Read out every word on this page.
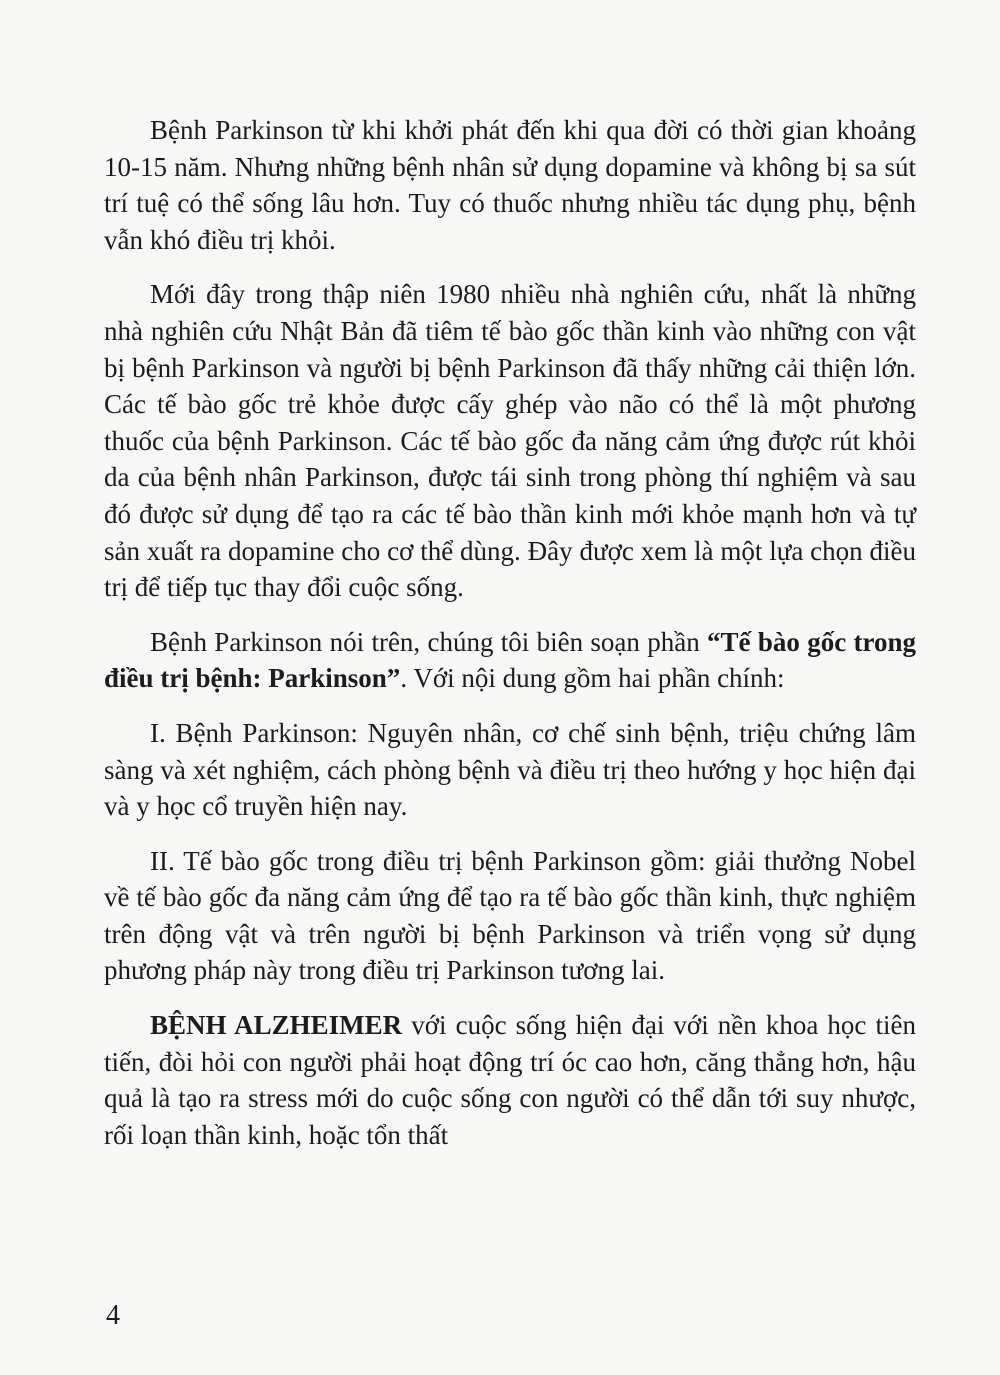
Bệnh Parkinson từ khi khởi phát đến khi qua đời có thời gian khoảng 10-15 năm. Nhưng những bệnh nhân sử dụng dopamine và không bị sa sút trí tuệ có thể sống lâu hơn. Tuy có thuốc nhưng nhiều tác dụng phụ, bệnh vẫn khó điều trị khỏi.

Mới đây trong thập niên 1980 nhiều nhà nghiên cứu, nhất là những nhà nghiên cứu Nhật Bản đã tiêm tế bào gốc thần kinh vào những con vật bị bệnh Parkinson và người bị bệnh Parkinson đã thấy những cải thiện lớn. Các tế bào gốc trẻ khỏe được cấy ghép vào não có thể là một phương thuốc của bệnh Parkinson. Các tế bào gốc đa năng cảm ứng được rút khỏi da của bệnh nhân Parkinson, được tái sinh trong phòng thí nghiệm và sau đó được sử dụng để tạo ra các tế bào thần kinh mới khỏe mạnh hơn và tự sản xuất ra dopamine cho cơ thể dùng. Đây được xem là một lựa chọn điều trị để tiếp tục thay đổi cuộc sống.

Bệnh Parkinson nói trên, chúng tôi biên soạn phần “Tế bào gốc trong điều trị bệnh: Parkinson”. Với nội dung gồm hai phần chính:

I. Bệnh Parkinson: Nguyên nhân, cơ chế sinh bệnh, triệu chứng lâm sàng và xét nghiệm, cách phòng bệnh và điều trị theo hướng y học hiện đại và y học cổ truyền hiện nay.

II. Tế bào gốc trong điều trị bệnh Parkinson gồm: giải thưởng Nobel về tế bào gốc đa năng cảm ứng để tạo ra tế bào gốc thần kinh, thực nghiệm trên động vật và trên người bị bệnh Parkinson và triển vọng sử dụng phương pháp này trong điều trị Parkinson tương lai.

BỆNH ALZHEIMER với cuộc sống hiện đại với nền khoa học tiên tiến, đòi hỏi con người phải hoạt động trí óc cao hơn, căng thẳng hơn, hậu quả là tạo ra stress mới do cuộc sống con người có thể dẫn tới suy nhược, rối loạn thần kinh, hoặc tổn thất

4
